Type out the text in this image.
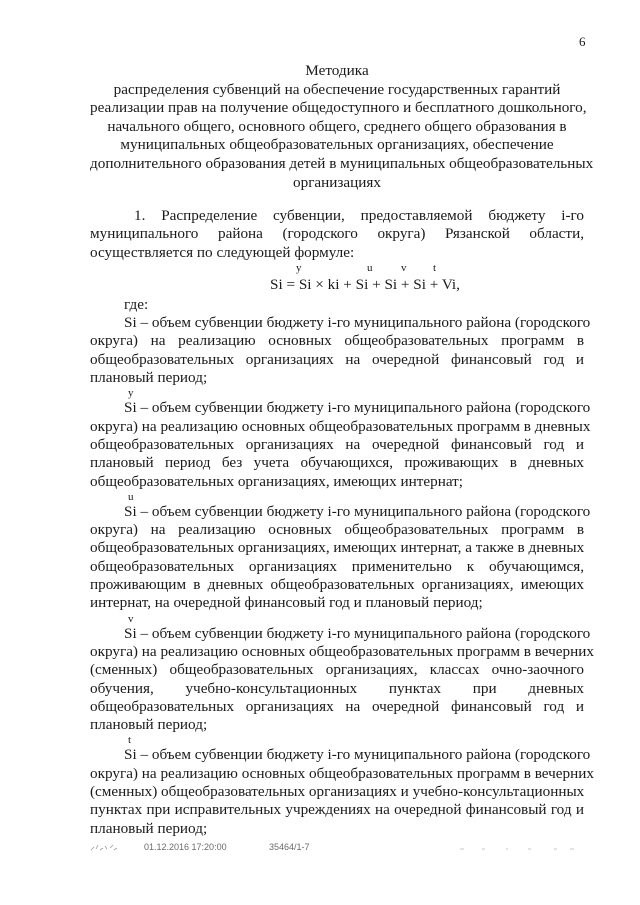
6
Методика
распределения субвенций на обеспечение государственных гарантий
реализации прав на получение общедоступного и бесплатного дошкольного,
начального общего, основного общего, среднего общего образования в
муниципальных общеобразовательных организациях, обеспечение
дополнительного образования детей в муниципальных общеобразовательных
организациях
1. Распределение субвенции, предоставляемой бюджету i-го
муниципального района (городского округа) Рязанской области,
осуществляется по следующей формуле:
у	u	v t
Si = Si × ki + Si + Si + Si + Vi,
где:
Si – объем субвенции бюджету i-го муниципального района (городского
округа) на реализацию основных общеобразовательных программ в
общеобразовательных организациях на очередной финансовый год и
плановый период;
у
Si – объем субвенции бюджету i-го муниципального района (городского
округа) на реализацию основных общеобразовательных программ в дневных
общеобразовательных организациях на очередной финансовый год и
плановый период без учета обучающихся, проживающих в дневных
общеобразовательных организациях, имеющих интернат;
u
Si – объем субвенции бюджету i-го муниципального района (городского
округа) на реализацию основных общеобразовательных программ в
общеобразовательных организациях, имеющих интернат, а также в дневных
общеобразовательных организациях применительно к обучающимся,
проживающим в дневных общеобразовательных организациях, имеющих
интернат, на очередной финансовый год и плановый период;
v
Si – объем субвенции бюджету i-го муниципального района (городского
округа) на реализацию основных общеобразовательных программ в вечерних
(сменных) общеобразовательных организациях, классах очно-заочного
обучения, учебно-консультационных пунктах при дневных
общеобразовательных организациях на очередной финансовый год и
плановый период;
t
Si – объем субвенции бюджету i-го муниципального района (городского
округа) на реализацию основных общеобразовательных программ в вечерних
(сменных) общеобразовательных организациях и учебно-консультационных
пунктах при исправительных учреждениях на очередной финансовый год и
плановый период;
01.12.2016 17:20:00	35464/1-7
